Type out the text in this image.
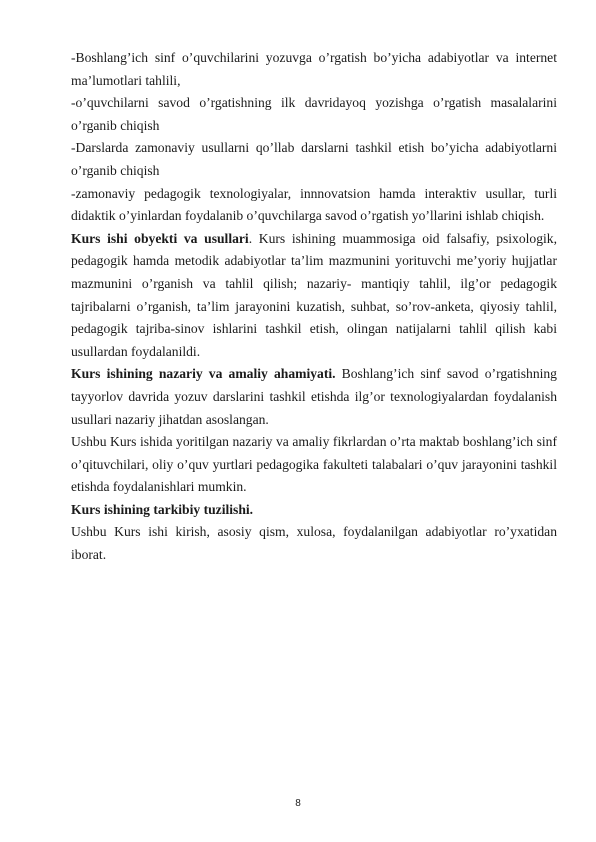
-Boshlang’ich sinf o’quvchilarini yozuvga o’rgatish bo’yicha adabiyotlar va internet ma’lumotlari tahlili,

-o’quvchilarni savod o’rgatishning ilk davridayoq yozishga o’rgatish masalalarini o’rganib chiqish

-Darslarda zamonaviy usullarni qo’llab darslarni tashkil etish bo’yicha adabiyotlarni o’rganib chiqish

-zamonaviy pedagogik texnologiyalar, innnovatsion hamda interaktiv usullar, turli didaktik o’yinlardan foydalanib o’quvchilarga savod o’rgatish yo’llarini ishlab chiqish.

Kurs ishi obyekti va usullari. Kurs ishining muammosiga oid falsafiy, psixologik, pedagogik hamda metodik adabiyotlar ta’lim mazmunini yorituvchi me’yoriy hujjatlar mazmunini o’rganish va tahlil qilish; nazariy- mantiqiy tahlil, ilg’or pedagogik tajribalarni o’rganish, ta’lim jarayonini kuzatish, suhbat, so’rov-anketa, qiyosiy tahlil, pedagogik tajriba-sinov ishlarini tashkil etish, olingan natijalarni tahlil qilish kabi usullardan foydalanildi.

Kurs ishining nazariy va amaliy ahamiyati. Boshlang’ich sinf savod o’rgatishning tayyorlov davrida yozuv darslarini tashkil etishda ilg’or texnologiyalardan foydalanish usullari nazariy jihatdan asoslangan.

Ushbu Kurs ishida yoritilgan nazariy va amaliy fikrlardan o’rta maktab boshlang’ich sinf o’qituvchilari, oliy o’quv yurtlari pedagogika fakulteti talabalari o’quv jarayonini tashkil etishda foydalanishlari mumkin.

Kurs ishining tarkibiy tuzilishi.

Ushbu Kurs ishi kirish, asosiy qism, xulosa, foydalanilgan adabiyotlar ro’yxatidan iborat.

8
